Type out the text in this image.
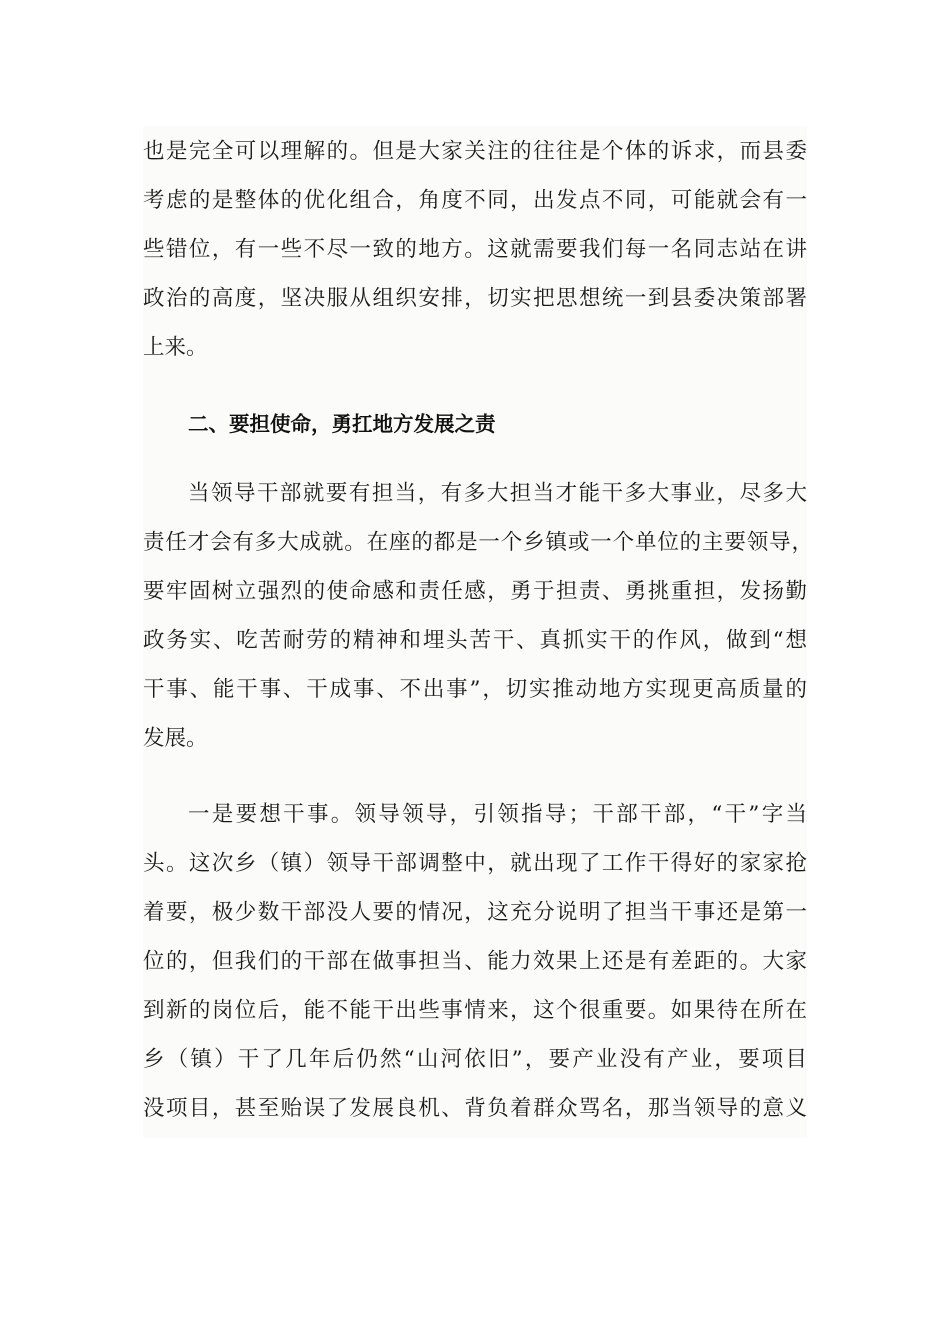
也是完全可以理解的。但是大家关注的往往是个体的诉求，而县委
考虑的是整体的优化组合，角度不同，出发点不同，可能就会有一
些错位，有一些不尽一致的地方。这就需要我们每一名同志站在讲
政治的高度，坚决服从组织安排，切实把思想统一到县委决策部署
上来。
二、要担使命，勇扛地方发展之责
当领导干部就要有担当，有多大担当才能干多大事业，尽多大
责任才会有多大成就。在座的都是一个乡镇或一个单位的主要领导，
要牢固树立强烈的使命感和责任感，勇于担责、勇挑重担，发扬勤
政务实、吃苦耐劳的精神和埋头苦干、真抓实干的作风，做到“想
干事、能干事、干成事、不出事”，切实推动地方实现更高质量的
发展。
一是要想干事。领导领导，引领指导；干部干部，“干”字当
头。这次乡（镇）领导干部调整中，就出现了工作干得好的家家抢
着要，极少数干部没人要的情况，这充分说明了担当干事还是第一
位的，但我们的干部在做事担当、能力效果上还是有差距的。大家
到新的岗位后，能不能干出些事情来，这个很重要。如果待在所在
乡（镇）干了几年后仍然“山河依旧”，要产业没有产业，要项目
没项目，甚至贻误了发展良机、背负着群众骂名，那当领导的意义
